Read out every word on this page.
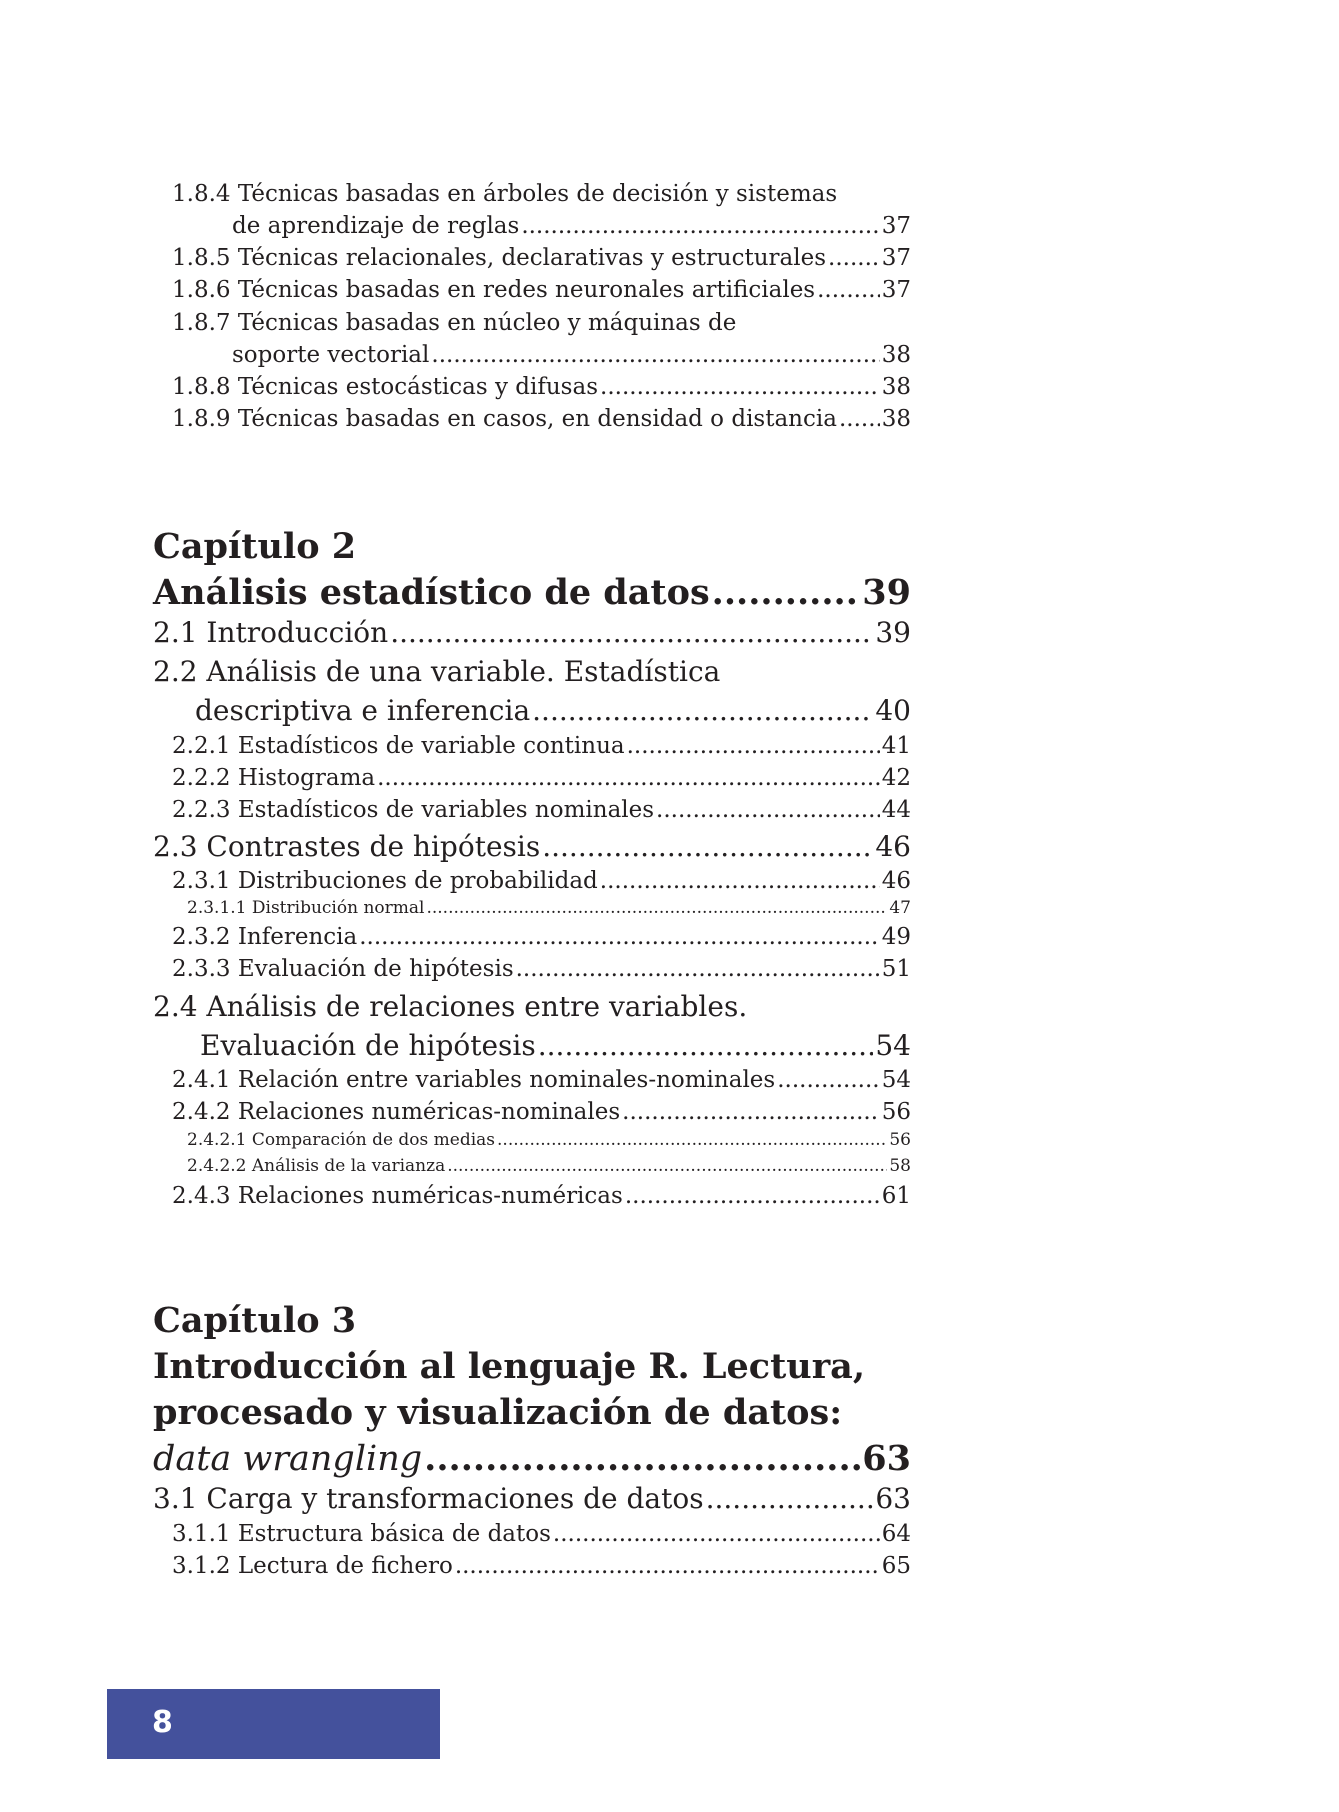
1.8.4 Técnicas basadas en árboles de decisión y sistemas
de aprendizaje de reglas .....	37
1.8.5 Técnicas relacionales, declarativas y estructurales ..... 37
1.8.6 Técnicas basadas en redes neuronales artificiales .....	37
1.8.7 Técnicas basadas en núcleo y máquinas de
soporte vectorial .....	38
1.8.8 Técnicas estocásticas y difusas .....	38
1.8.9 Técnicas basadas en casos, en densidad o distancia ..... 38
Capítulo 2
Análisis estadístico de datos .....	39
2.1 Introducción .....	39
2.2 Análisis de una variable. Estadística
descriptiva e inferencia .....	40
2.2.1 Estadísticos de variable continua .....	41
2.2.2 Histograma .....	42
2.2.3 Estadísticos de variables nominales .....	44
2.3 Contrastes de hipótesis .....	46
2.3.1 Distribuciones de probabilidad .....	46
2.3.1.1 Distribución normal .....	47
2.3.2 Inferencia .....	49
2.3.3 Evaluación de hipótesis .....	51
2.4 Análisis de relaciones entre variables.
Evaluación de hipótesis .....	54
2.4.1 Relación entre variables nominales-nominales .....	54
2.4.2 Relaciones numéricas-nominales .....	56
2.4.2.1 Comparación de dos medias .....	56
2.4.2.2 Análisis de la varianza .....	58
2.4.3 Relaciones numéricas-numéricas .....	61
Capítulo 3
Introducción al lenguaje R. Lectura,
procesado y visualización de datos:
data wrangling .....	63
3.1 Carga y transformaciones de datos .....	63
3.1.1 Estructura básica de datos .....	64
3.1.2 Lectura de fichero .....	65
8
